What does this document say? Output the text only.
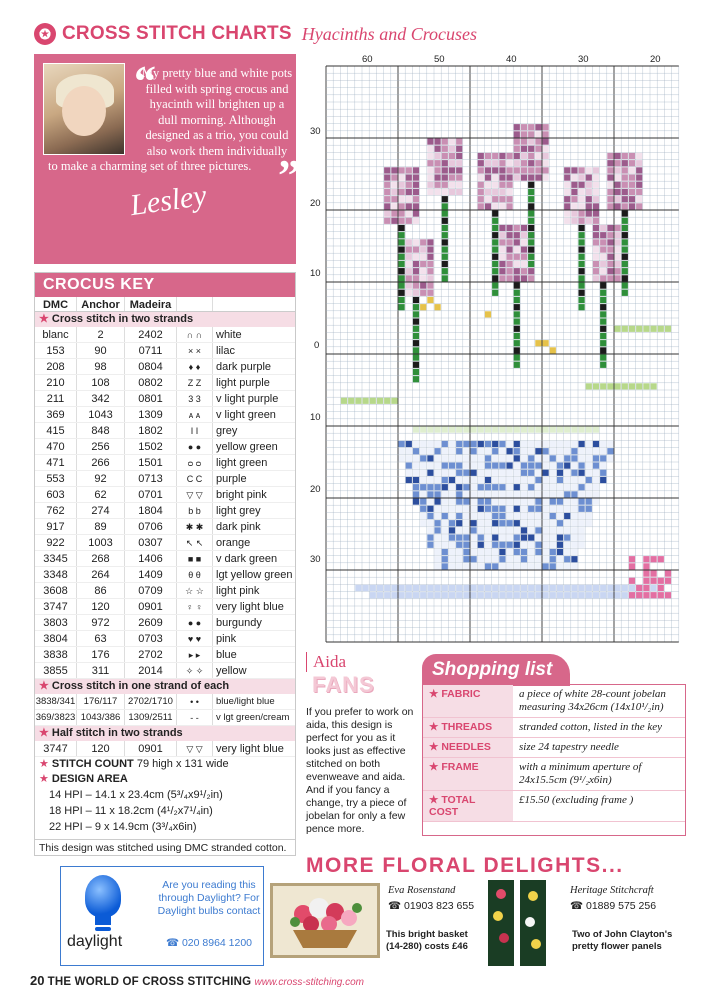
✪ CROSS STITCH CHARTS Hyacinths and Crocuses
“
My pretty blue and white pots filled with spring crocus and hyacinth will brighten up a dull morning. Although designed as a trio, you could also work them individually
to make a charming set of three pictures. ”
Lesley
CROCUS KEY
DMC	Anchor Madeira
★ Cross stitch in two strands
blanc	2	2402	∩ ∩	white
153	90	0711	× ×	lilac
208	98	0804	♦ ♦	dark purple
210	108	0802	Z Z	light purple
211	342	0801	3 3	v light purple
369	1043	1309	ᴀ ᴀ	v light green
415	848	1802	I I	grey
470	256	1502	● ●	yellow green
471	266	1501	ᴑ ᴑ	light green
553	92	0713	C C	purple
603	62	0701	▽ ▽	bright pink
762	274	1804	b b	light grey
917	89	0706	✱ ✱	dark pink
922	1003	0307	↖ ↖	orange
3345	268	1406	■ ■	v dark green
3348	264	1409	θ θ	lgt yellow green
3608	86	0709	☆ ☆	light pink
3747	120	0901	♀ ♀	very light blue
3803	972	2609	● ●	burgundy
3804	63	0703	♥ ♥	pink
3838	176	2702	▸ ▸	blue
3855	311	2014	✧ ✧	yellow
★ Cross stitch in one strand of each
3838/341 176/117	2702/1710	• •	blue/light blue
369/3823 1043/386 1309/2511	- -	v lgt green/cream
★ Half stitch in two strands
3747	120	0901	▽ ▽	very light blue
★ STITCH COUNT 79 high x 131 wide
★ DESIGN AREA
14 HPI – 14.1 x 23.4cm (5³/₄x9¹/₂in)
18 HPI – 11 x 18.2cm (4¹/₂x7¹/₄in)
22 HPI – 9 x 14.9cm (3³/₄x6in)
This design was stitched using DMC stranded cotton.
60	50	40	30	20
30
20
10
0
10
20
30
Aida
FANS
If you prefer to work on aida, this design is perfect for you as it looks just as effective stitched on both evenweave and aida. And if you fancy a change, try a piece of jobelan for only a few pence more.
Shopping list
★ FABRIC	a piece of white 28-count jobelan measuring 34x26cm (14x10¹/₂in)
★ THREADS	stranded cotton, listed in the key
★ NEEDLES	size 24 tapestry needle
★ FRAME	with a minimum aperture of 24x15.5cm (9¹/₂x6in)
★ TOTAL COST
£15.50 (excluding frame )
MORE FLORAL DELIGHTS...
daylight
Are you reading this through Daylight? For Daylight bulbs contact
☎ 020 8964 1200
Eva Rosenstand
☎ 01903 823 655
This bright basket (14-280) costs £46
Heritage Stitchcraft
☎ 01889 575 256
Two of John Clayton's pretty flower panels
20 THE WORLD OF CROSS STITCHING www.cross-stitching.com
